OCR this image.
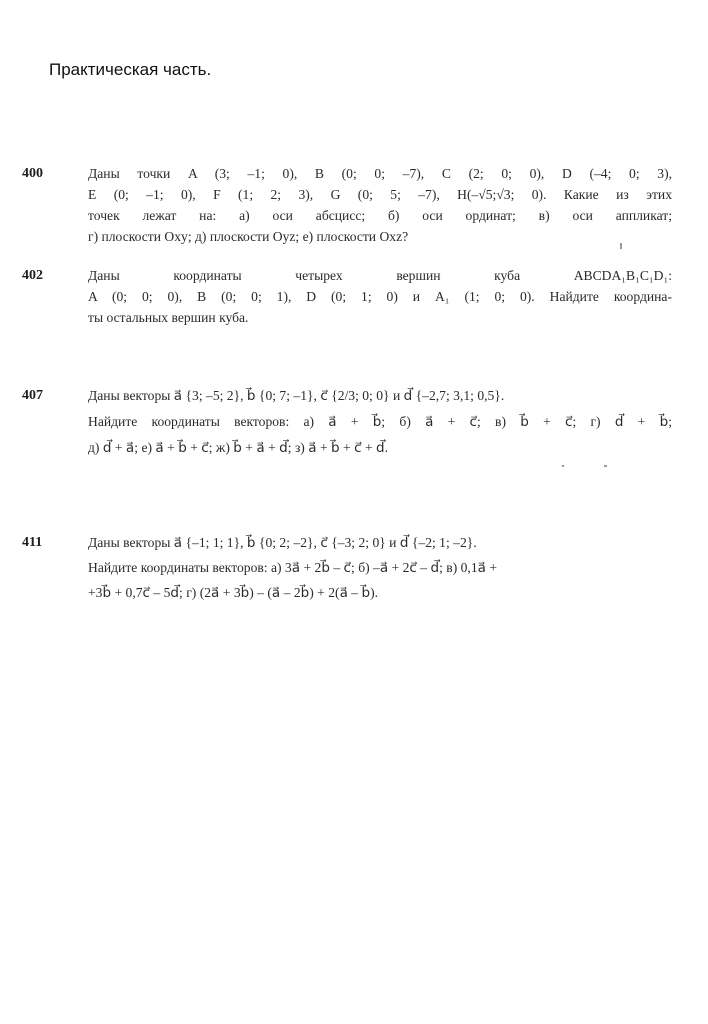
Практическая часть.
400	Даны точки A (3; –1; 0), B (0; 0; –7), C (2; 0; 0), D (–4; 0; 3),
E (0; –1; 0), F (1; 2; 3), G (0; 5; –7), H(–√5;√3; 0). Какие из этих
точек лежат на: а) оси абсцисс; б) оси ординат; в) оси аппликат;
г) плоскости Oxy; д) плоскости Oyz; е) плоскости Oxz?
402	Даны координаты четырех вершин куба ABCDA₁B₁C₁D₁:
A (0; 0; 0), B (0; 0; 1), D (0; 1; 0) и A₁ (1; 0; 0). Найдите координа-
ты остальных вершин куба.
407	Даны векторы a⃗ {3; –5; 2}, b⃗ {0; 7; –1}, c⃗ {2/3; 0; 0} и d⃗ {–2,7; 3,1; 0,5}.
Найдите координаты векторов: а) a⃗ + b⃗; б) a⃗ + c⃗; в) b⃗ + c⃗; г) d⃗ + b⃗;
д) d⃗ + a⃗; е) a⃗ + b⃗ + c⃗; ж) b⃗ + a⃗ + d⃗; з) a⃗ + b⃗ + c⃗ + d⃗.
411	Даны векторы a⃗ {–1; 1; 1}, b⃗ {0; 2; –2}, c⃗ {–3; 2; 0} и d⃗ {–2; 1; –2}.
Найдите координаты векторов: а) 3a⃗ + 2b⃗ – c⃗; б) –a⃗ + 2c⃗ – d⃗; в) 0,1a⃗ +
+3b⃗ + 0,7c⃗ – 5d⃗; г) (2a⃗ + 3b⃗) – (a⃗ – 2b⃗) + 2(a⃗ – b⃗).
